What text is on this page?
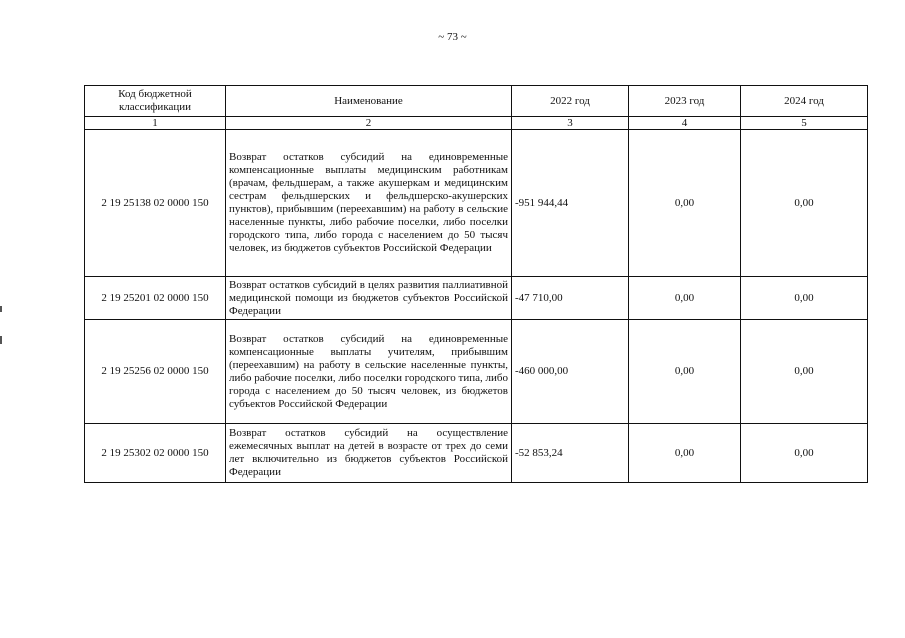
~ 73 ~
Код бюджетной классификации	Наименование	2022 год	2023 год	2024 год
1	2	3	4	5
2 19 25138 02 0000 150	Возврат остатков субсидий на единовременные компенсационные выплаты медицинским работникам (врачам, фельдшерам, а также акушеркам и медицинским сестрам фельдшерских и фельдшерско-акушерских пунктов), прибывшим (переехавшим) на работу в сельские населенные пункты, либо рабочие поселки, либо поселки городского типа, либо города с населением до 50 тысяч человек, из бюджетов субъектов Российской Федерации	-951 944,44	0,00	0,00
2 19 25201 02 0000 150	Возврат остатков субсидий в целях развития паллиативной медицинской помощи из бюджетов субъектов Российской Федерации	-47 710,00	0,00	0,00
2 19 25256 02 0000 150	Возврат остатков субсидий на единовременные компенсационные выплаты учителям, прибывшим (переехавшим) на работу в сельские населенные пункты, либо рабочие поселки, либо поселки городского типа, либо города с населением до 50 тысяч человек, из бюджетов субъектов Российской Федерации	-460 000,00	0,00	0,00
2 19 25302 02 0000 150	Возврат остатков субсидий на осуществление ежемесячных выплат на детей в возрасте от трех до семи лет включительно из бюджетов субъектов Российской Федерации	-52 853,24	0,00	0,00
